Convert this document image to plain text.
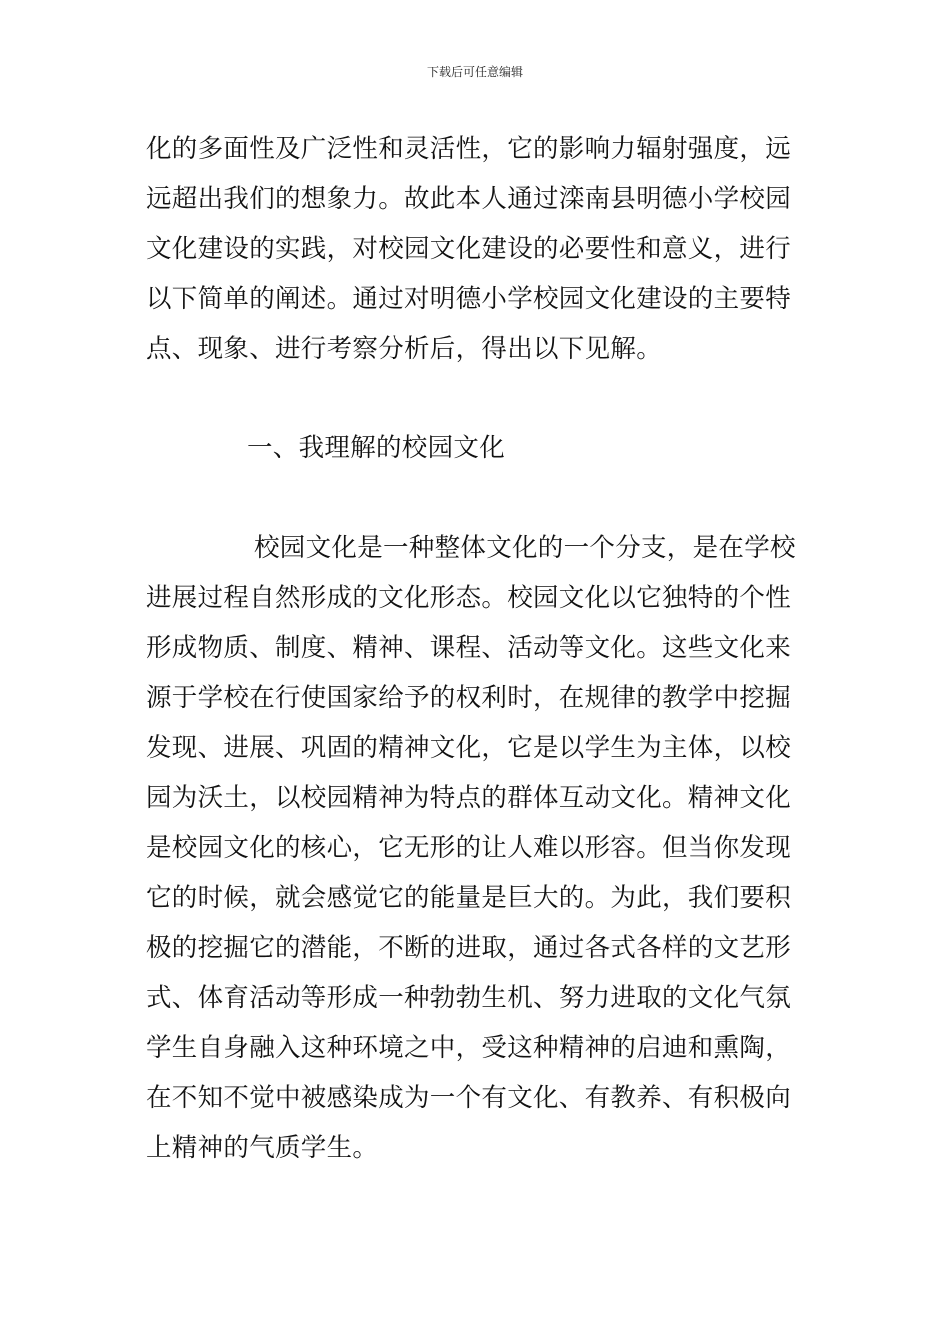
下载后可任意编辑
化的多面性及广泛性和灵活性，它的影响力辐射强度，远
远超出我们的想象力。故此本人通过滦南县明德小学校园
文化建设的实践，对校园文化建设的必要性和意义，进行
以下简单的阐述。通过对明德小学校园文化建设的主要特
点、现象、进行考察分析后，得出以下见解。
一、我理解的校园文化
校园文化是一种整体文化的一个分支，是在学校
进展过程自然形成的文化形态。校园文化以它独特的个性
形成物质、制度、精神、课程、活动等文化。这些文化来
源于学校在行使国家给予的权利时，在规律的教学中挖掘
发现、进展、巩固的精神文化，它是以学生为主体，以校
园为沃土，以校园精神为特点的群体互动文化。精神文化
是校园文化的核心，它无形的让人难以形容。但当你发现
它的时候，就会感觉它的能量是巨大的。为此，我们要积
极的挖掘它的潜能，不断的进取，通过各式各样的文艺形
式、体育活动等形成一种勃勃生机、努力进取的文化气氛
学生自身融入这种环境之中，受这种精神的启迪和熏陶，
在不知不觉中被感染成为一个有文化、有教养、有积极向
上精神的气质学生。
